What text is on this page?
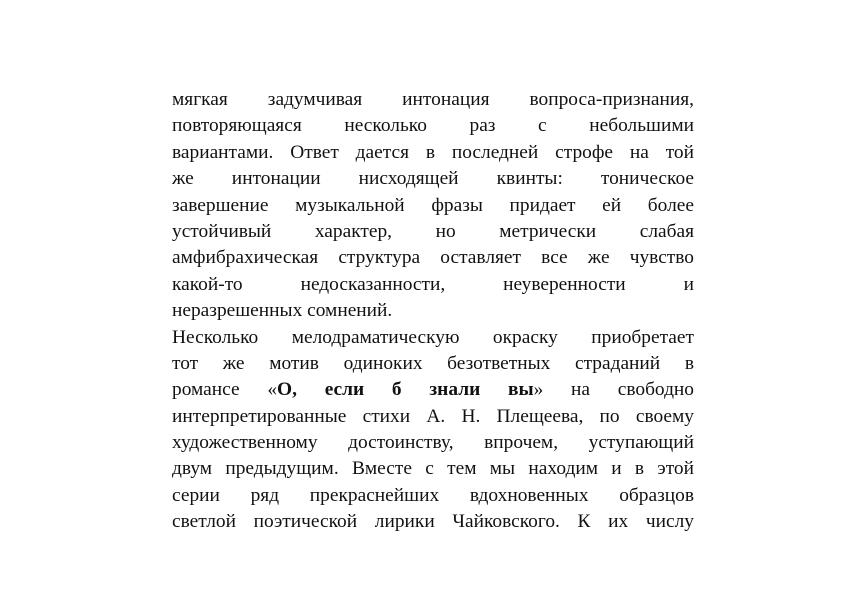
мягкая задумчивая интонация вопроса-признания,
повторяющаяся несколько раз с небольшими
вариантами. Ответ дается в последней строфе на той
же интонации нисходящей квинты: тоническое
завершение музыкальной фразы придает ей более
устойчивый характер, но метрически слабая
амфибрахическая структура оставляет все же чувство
какой-то недосказанности, неуверенности и
неразрешенных сомнений.
Несколько мелодраматическую окраску приобретает
тот же мотив одиноких безответных страданий в
романсе «О, если б знали вы» на свободно
интерпретированные стихи А. Н. Плещеева, по своему
художественному достоинству, впрочем, уступающий
двум предыдущим. Вместе с тем мы находим и в этой
серии ряд прекраснейших вдохновенных образцов
светлой поэтической лирики Чайковского. К их числу
